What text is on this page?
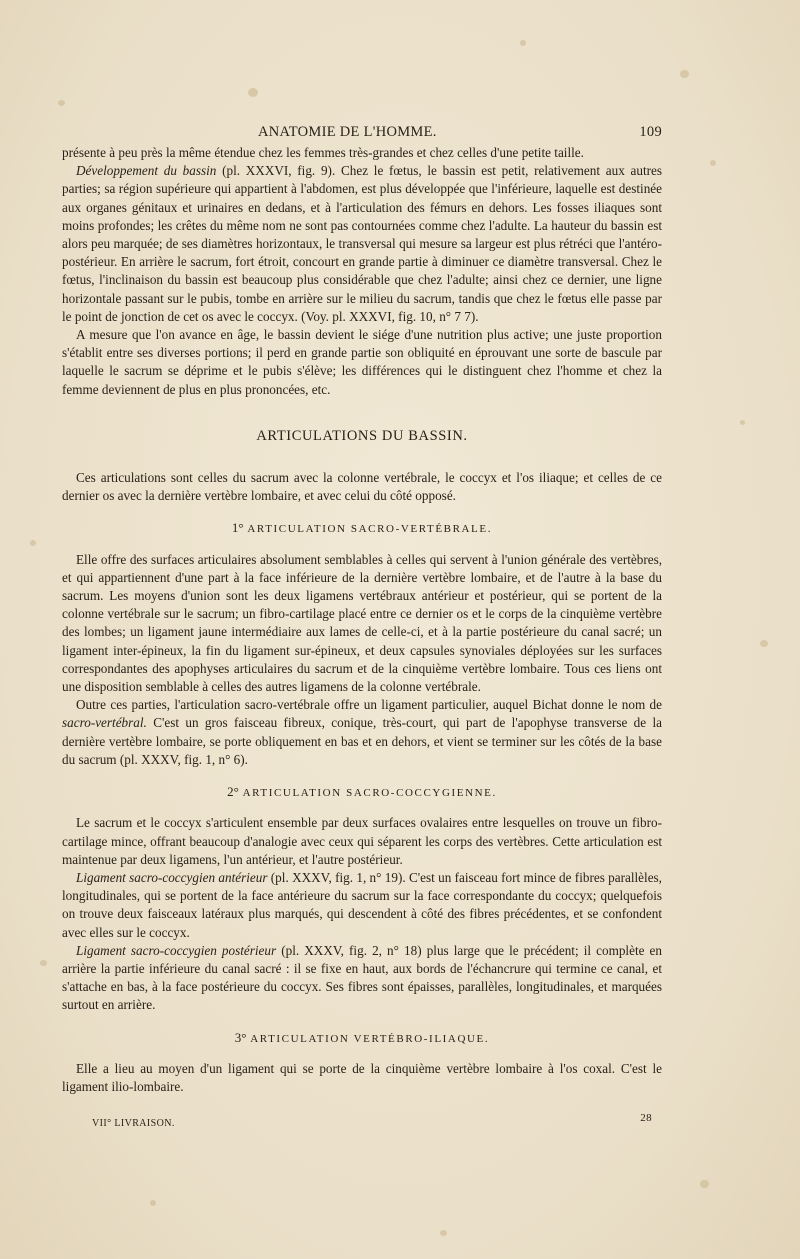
ANATOMIE DE L'HOMME.	109

présente à peu près la même étendue chez les femmes très-grandes et chez celles d'une petite taille.

Développement du bassin (pl. XXXVI, fig. 9). Chez le fœtus, le bassin est petit, relativement aux autres parties; sa région supérieure qui appartient à l'abdomen, est plus développée que l'inférieure, laquelle est destinée aux organes génitaux et urinaires en dedans, et à l'articulation des fémurs en dehors. Les fosses iliaques sont moins profondes; les crêtes du même nom ne sont pas contournées comme chez l'adulte. La hauteur du bassin est alors peu marquée; de ses diamètres horizontaux, le transversal qui mesure sa largeur est plus rétréci que l'antéro-postérieur. En arrière le sacrum, fort étroit, concourt en grande partie à diminuer ce diamètre transversal. Chez le fœtus, l'inclinaison du bassin est beaucoup plus considérable que chez l'adulte; ainsi chez ce dernier, une ligne horizontale passant sur le pubis, tombe en arrière sur le milieu du sacrum, tandis que chez le fœtus elle passe par le point de jonction de cet os avec le coccyx. (Voy. pl. XXXVI, fig. 10, n° 7 7).

A mesure que l'on avance en âge, le bassin devient le siége d'une nutrition plus active; une juste proportion s'établit entre ses diverses portions; il perd en grande partie son obliquité en éprouvant une sorte de bascule par laquelle le sacrum se déprime et le pubis s'élève; les différences qui le distinguent chez l'homme et chez la femme deviennent de plus en plus prononcées, etc.

ARTICULATIONS DU BASSIN.

Ces articulations sont celles du sacrum avec la colonne vertébrale, le coccyx et l'os iliaque; et celles de ce dernier os avec la dernière vertèbre lombaire, et avec celui du côté opposé.

1° ARTICULATION SACRO-VERTÉBRALE.

Elle offre des surfaces articulaires absolument semblables à celles qui servent à l'union générale des vertèbres, et qui appartiennent d'une part à la face inférieure de la dernière vertèbre lombaire, et de l'autre à la base du sacrum. Les moyens d'union sont les deux ligamens vertébraux antérieur et postérieur, qui se portent de la colonne vertébrale sur le sacrum; un fibro-cartilage placé entre ce dernier os et le corps de la cinquième vertèbre des lombes; un ligament jaune intermédiaire aux lames de celle-ci, et à la partie postérieure du canal sacré; un ligament inter-épineux, la fin du ligament sur-épineux, et deux capsules synoviales déployées sur les surfaces correspondantes des apophyses articulaires du sacrum et de la cinquième vertèbre lombaire. Tous ces liens ont une disposition semblable à celles des autres ligamens de la colonne vertébrale.

Outre ces parties, l'articulation sacro-vertébrale offre un ligament particulier, auquel Bichat donne le nom de sacro-vertébral. C'est un gros faisceau fibreux, conique, très-court, qui part de l'apophyse transverse de la dernière vertèbre lombaire, se porte obliquement en bas et en dehors, et vient se terminer sur les côtés de la base du sacrum (pl. XXXV, fig. 1, n° 6).

2° ARTICULATION SACRO-COCCYGIENNE.

Le sacrum et le coccyx s'articulent ensemble par deux surfaces ovalaires entre lesquelles on trouve un fibro-cartilage mince, offrant beaucoup d'analogie avec ceux qui séparent les corps des vertèbres. Cette articulation est maintenue par deux ligamens, l'un antérieur, et l'autre postérieur.

Ligament sacro-coccygien antérieur (pl. XXXV, fig. 1, n° 19). C'est un faisceau fort mince de fibres parallèles, longitudinales, qui se portent de la face antérieure du sacrum sur la face correspondante du coccyx; quelquefois on trouve deux faisceaux latéraux plus marqués, qui descendent à côté des fibres précédentes, et se confondent avec elles sur le coccyx.

Ligament sacro-coccygien postérieur (pl. XXXV, fig. 2, n° 18) plus large que le précédent; il complète en arrière la partie inférieure du canal sacré : il se fixe en haut, aux bords de l'échancrure qui termine ce canal, et s'attache en bas, à la face postérieure du coccyx. Ses fibres sont épaisses, parallèles, longitudinales, et marquées surtout en arrière.

3° ARTICULATION VERTÉBRO-ILIAQUE.

Elle a lieu au moyen d'un ligament qui se porte de la cinquième vertèbre lombaire à l'os coxal. C'est le ligament ilio-lombaire.

VII° LIVRAISON.	28
